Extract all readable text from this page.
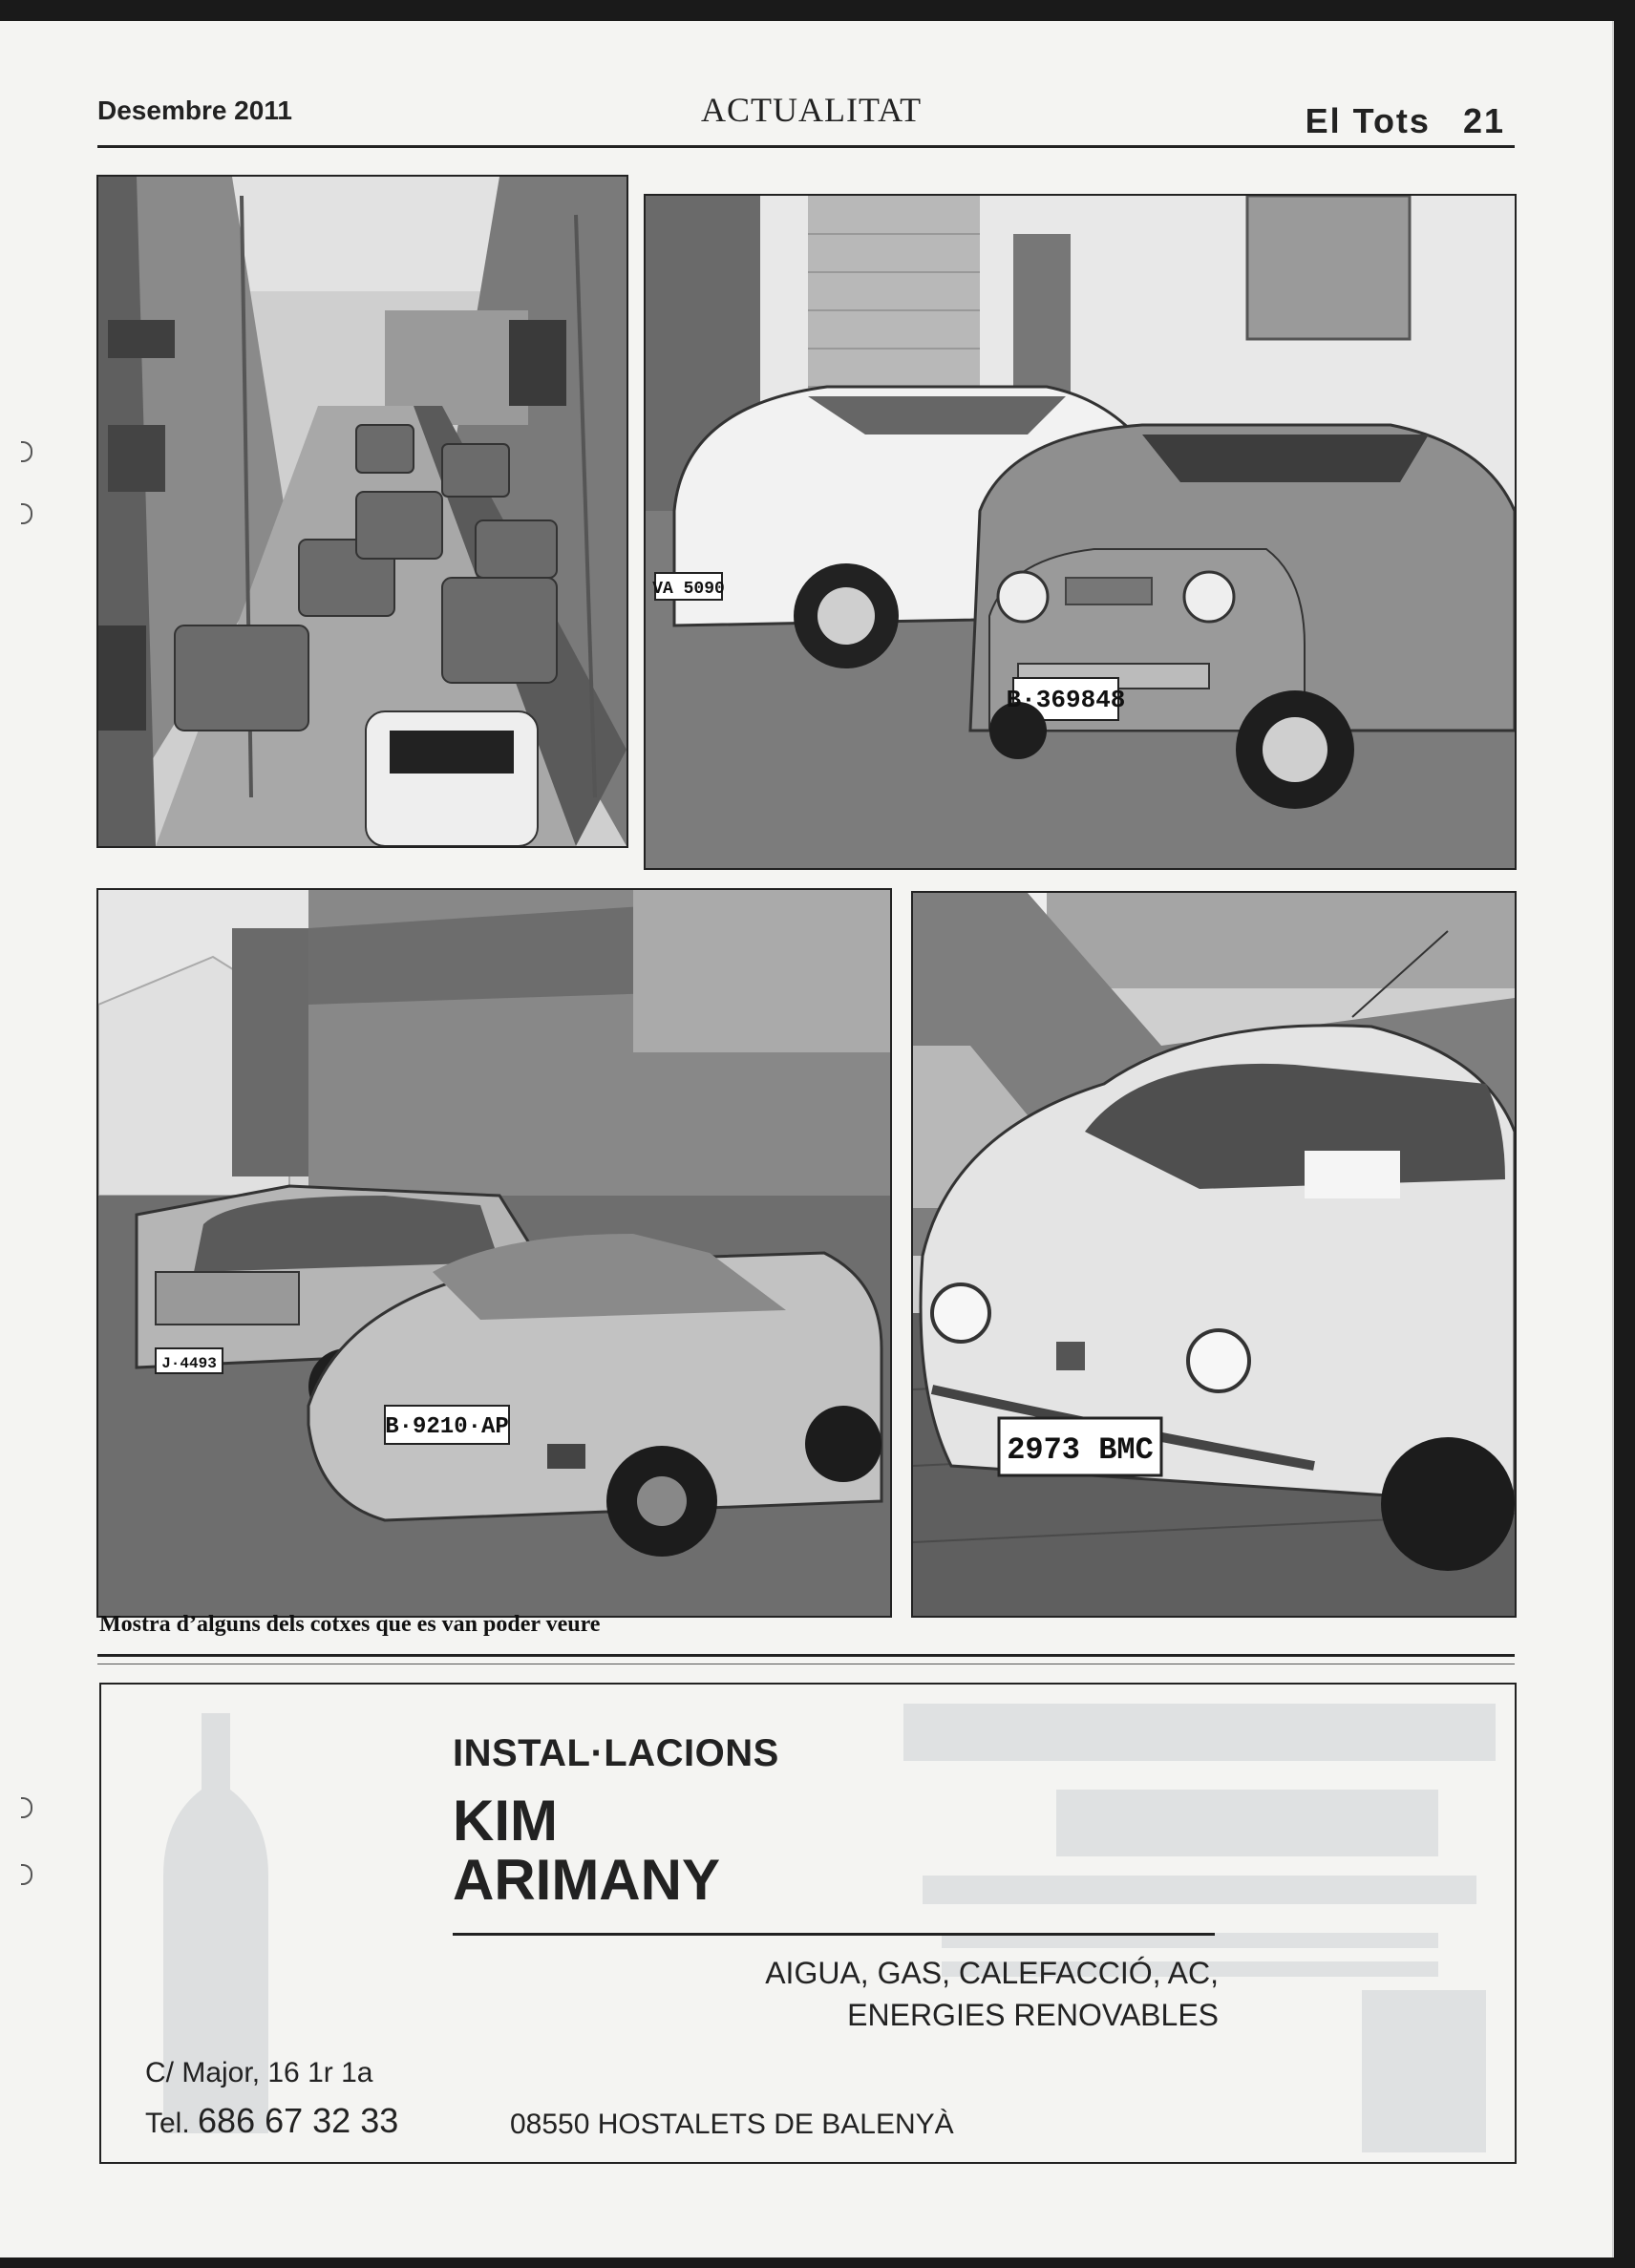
Desembre 2011	ACTUALITAT	El Tots 21
VA 5090
B·369848
J·4493
B·9210·AP
2973 BMC
Mostra d’alguns dels cotxes que es van poder veure
INSTAL·LACIONS
KIM
ARIMANY
AIGUA, GAS, CALEFACCIÓ, AC,
ENERGIES RENOVABLES
C/ Major, 16 1r 1a
Tel. 686 67 32 33	08550 HOSTALETS DE BALENYÀ
